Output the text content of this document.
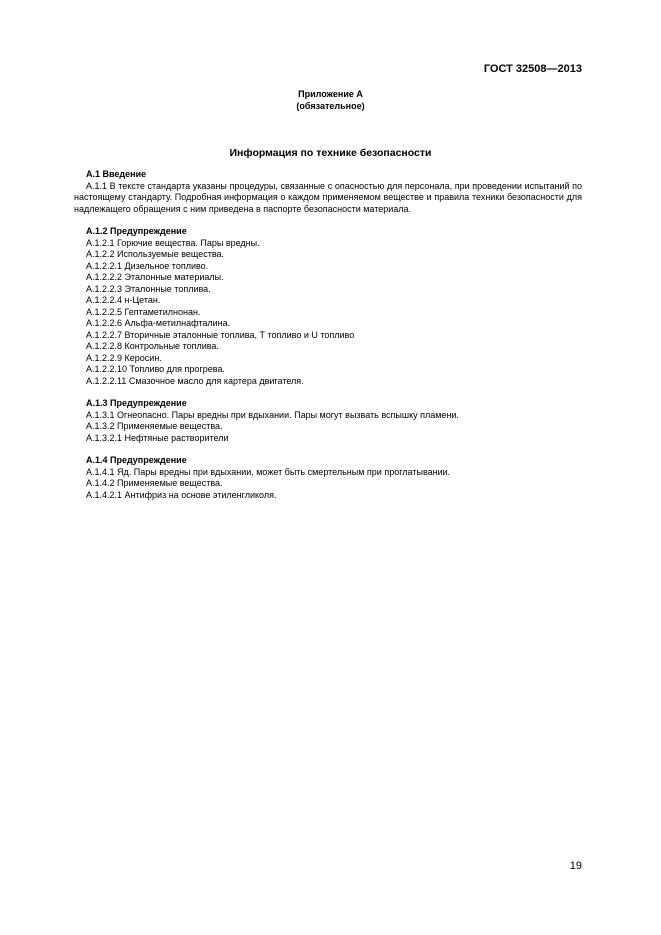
ГОСТ 32508—2013
Приложение А
(обязательное)
Информация по технике безопасности
А.1 Введение

А.1.1 В тексте стандарта указаны процедуры, связанные с опасностью для персонала, при проведении испытаний по настоящему стандарту. Подробная информация о каждом применяемом веществе и правила техники безопасности для надлежащего обращения с ним приведена в паспорте безопасности материала.

А.1.2 Предупреждение
А.1.2.1 Горючие вещества. Пары вредны.
А.1.2.2 Используемые вещества.
А.1.2.2.1 Дизельное топливо.
А.1.2.2.2 Эталонные материалы.
А.1.2.2.3 Эталонные топлива.
А.1.2.2.4 н-Цетан.
А.1.2.2.5 Гептаметилнонан.
А.1.2.2.6 Альфа-метилнафталина.
А.1.2.2.7 Вторичные эталонные топлива, Т топливо и U топливо
А.1.2.2.8 Контрольные топлива.
А.1.2.2.9 Керосин.
А.1.2.2.10 Топливо для прогрева.
А.1.2.2.11 Смазочное масло для картера двигателя.
А.1.3 Предупреждение
А.1.3.1 Огнеопасно. Пары вредны при вдыхании. Пары могут вызвать вспышку пламени.
А.1.3.2 Применяемые вещества.
А.1.3.2.1 Нефтяные растворители
А.1.4 Предупреждение
А.1.4.1 Яд. Пары вредны при вдыхании, может быть смертельным при проглатывании.
А.1.4.2 Применяемые вещества.
А.1.4.2.1 Антифриз на основе этиленгликоля.
19
